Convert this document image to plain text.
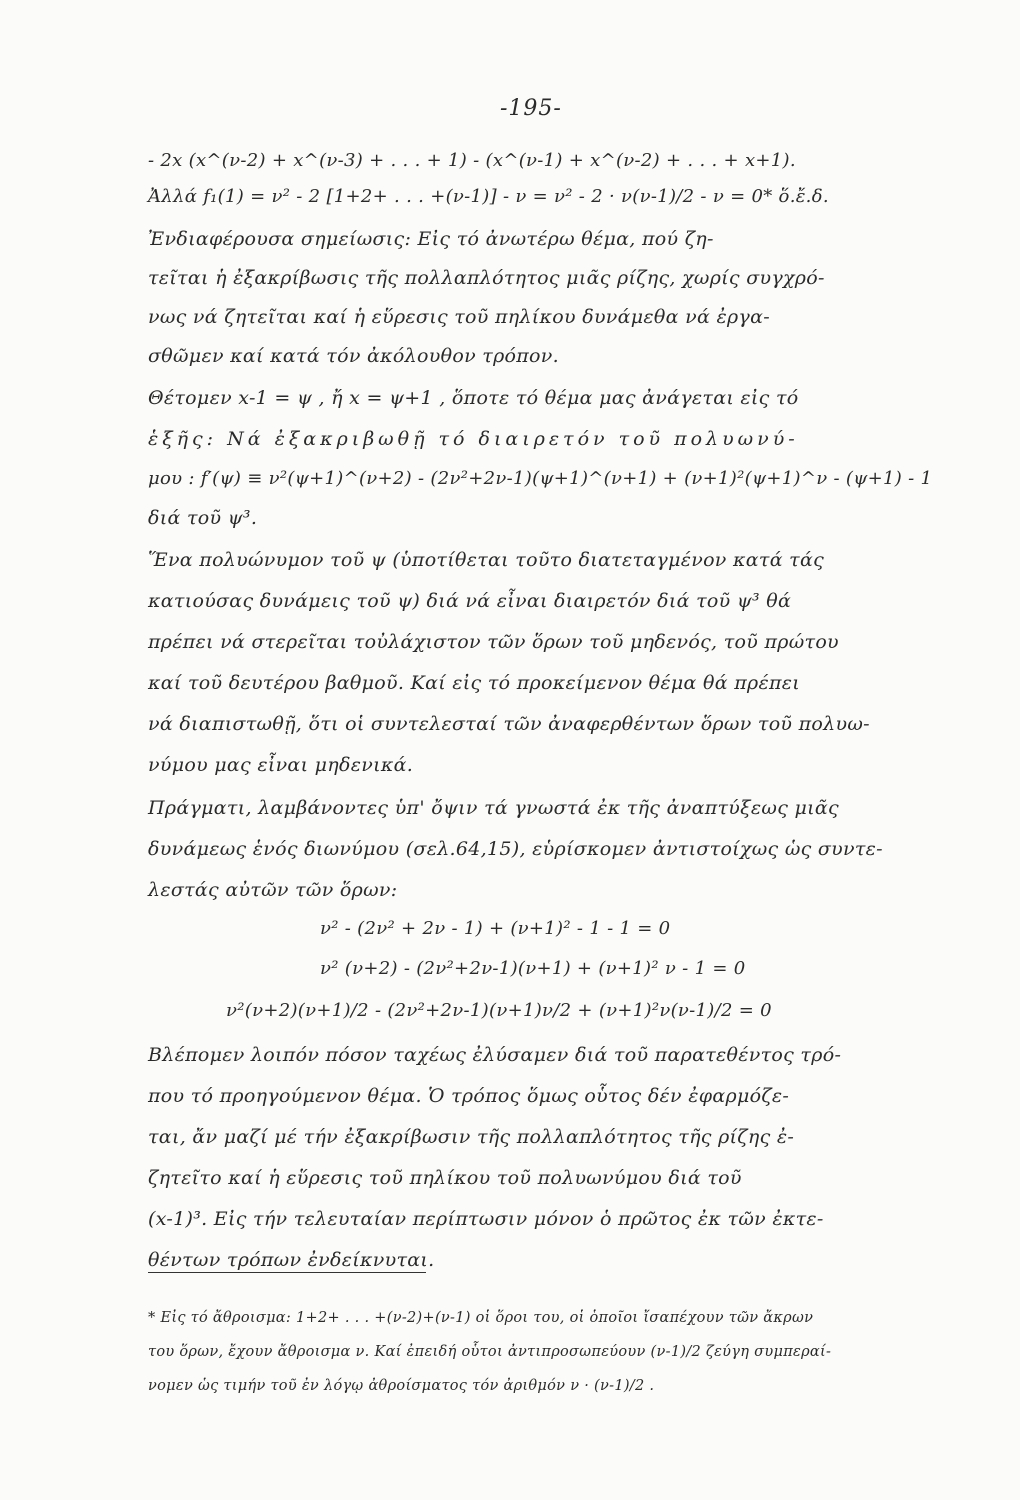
-195-
- 2x (x^(ν-2) + x^(ν-3) + . . . + 1) - (x^(ν-1) + x^(ν-2) + . . . + x+1).
Ἀλλά f₁(1) = ν² - 2 [1+2+ . . . +(ν-1)] - ν = ν² - 2 · ν(ν-1)/2 - ν = 0* ὅ.ἔ.δ.
Ἐνδιαφέρουσα σημείωσις: Εἰς τό ἀνωτέρω θέμα, πού ζη-
τεῖται ἡ ἐξακρίβωσις τῆς πολλαπλότητος μιᾶς ρίζης, χωρίς συγχρό-
νως νά ζητεῖται καί ἡ εὕρεσις τοῦ πηλίκου δυνάμεθα νά ἐργα-
σθῶμεν καί κατά τόν ἀκόλουθον τρόπον.
Θέτομεν x-1 = ψ , ἤ x = ψ+1 , ὅποτε τό θέμα μας ἀνάγεται εἰς τό
ἑξῆς: Νά ἐξακριβωθῇ τό διαιρετόν τοῦ πολυωνύ-
μου : f′(ψ) ≡ ν²(ψ+1)^(ν+2) - (2ν²+2ν-1)(ψ+1)^(ν+1) + (ν+1)²(ψ+1)^ν - (ψ+1) - 1
διά τοῦ ψ³.
Ἕνα πολυώνυμον τοῦ ψ (ὑποτίθεται τοῦτο διατεταγμένον κατά τάς
κατιούσας δυνάμεις τοῦ ψ) διά νά εἶναι διαιρετόν διά τοῦ ψ³ θά
πρέπει νά στερεῖται τοὐλάχιστον τῶν ὅρων τοῦ μηδενός, τοῦ πρώτου
καί τοῦ δευτέρου βαθμοῦ. Καί εἰς τό προκείμενον θέμα θά πρέπει
νά διαπιστωθῇ, ὅτι οἱ συντελεσταί τῶν ἀναφερθέντων ὅρων τοῦ πολυω-
νύμου μας εἶναι μηδενικά.
Πράγματι, λαμβάνοντες ὑπ' ὄψιν τά γνωστά ἐκ τῆς ἀναπτύξεως μιᾶς
δυνάμεως ἑνός διωνύμου (σελ.64,15), εὑρίσκομεν ἀντιστοίχως ὡς συντε-
λεστάς αὐτῶν τῶν ὅρων:
ν² - (2ν² + 2ν - 1) + (ν+1)² - 1 - 1 = 0
ν² (ν+2) - (2ν²+2ν-1)(ν+1) + (ν+1)² ν - 1 = 0
ν²(ν+2)(ν+1)/2 - (2ν²+2ν-1)(ν+1)ν/2 + (ν+1)²ν(ν-1)/2 = 0
Βλέπομεν λοιπόν πόσον ταχέως ἐλύσαμεν διά τοῦ παρατεθέντος τρό-
που τό προηγούμενον θέμα. Ὁ τρόπος ὅμως οὗτος δέν ἐφαρμόζε-
ται, ἄν μαζί μέ τήν ἐξακρίβωσιν τῆς πολλαπλότητος τῆς ρίζης ἐ-
ζητεῖτο καί ἡ εὕρεσις τοῦ πηλίκου τοῦ πολυωνύμου διά τοῦ
(x-1)³. Εἰς τήν τελευταίαν περίπτωσιν μόνον ὁ πρῶτος ἐκ τῶν ἐκτε-
θέντων τρόπων ἐνδείκνυται.
* Εἰς τό ἄθροισμα: 1+2+ . . . +(ν-2)+(ν-1) οἱ ὅροι του, οἱ ὁποῖοι ἴσαπέχουν τῶν ἄκρων
του ὅρων, ἔχουν ἄθροισμα ν. Καί ἐπειδή οὗτοι ἀντιπροσωπεύουν (ν-1)/2 ζεύγη συμπεραί-
νομεν ὡς τιμήν τοῦ ἐν λόγῳ ἀθροίσματος τόν ἀριθμόν ν · (ν-1)/2 .
